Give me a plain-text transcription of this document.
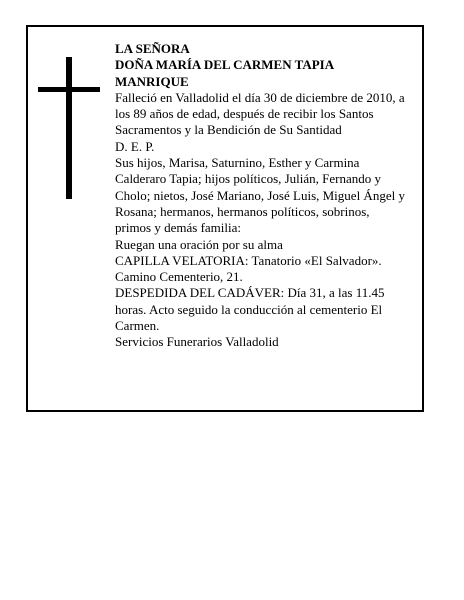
LA SEÑORA
DOÑA MARÍA DEL CARMEN TAPIA
MANRIQUE
Falleció en Valladolid el día 30 de diciembre de 2010, a
los 89 años de edad, después de recibir los Santos
Sacramentos y la Bendición de Su Santidad
D. E. P.
Sus hijos, Marisa, Saturnino, Esther y Carmina
Calderaro Tapia; hijos políticos, Julián, Fernando y
Cholo; nietos, José Mariano, José Luis, Miguel Ángel y
Rosana; hermanos, hermanos políticos, sobrinos,
primos y demás familia:
Ruegan una oración por su alma
CAPILLA VELATORIA: Tanatorio «El Salvador».
Camino Cementerio, 21.
DESPEDIDA DEL CADÁVER: Día 31, a las 11.45
horas. Acto seguido la conducción al cementerio El
Carmen.
Servicios Funerarios Valladolid
